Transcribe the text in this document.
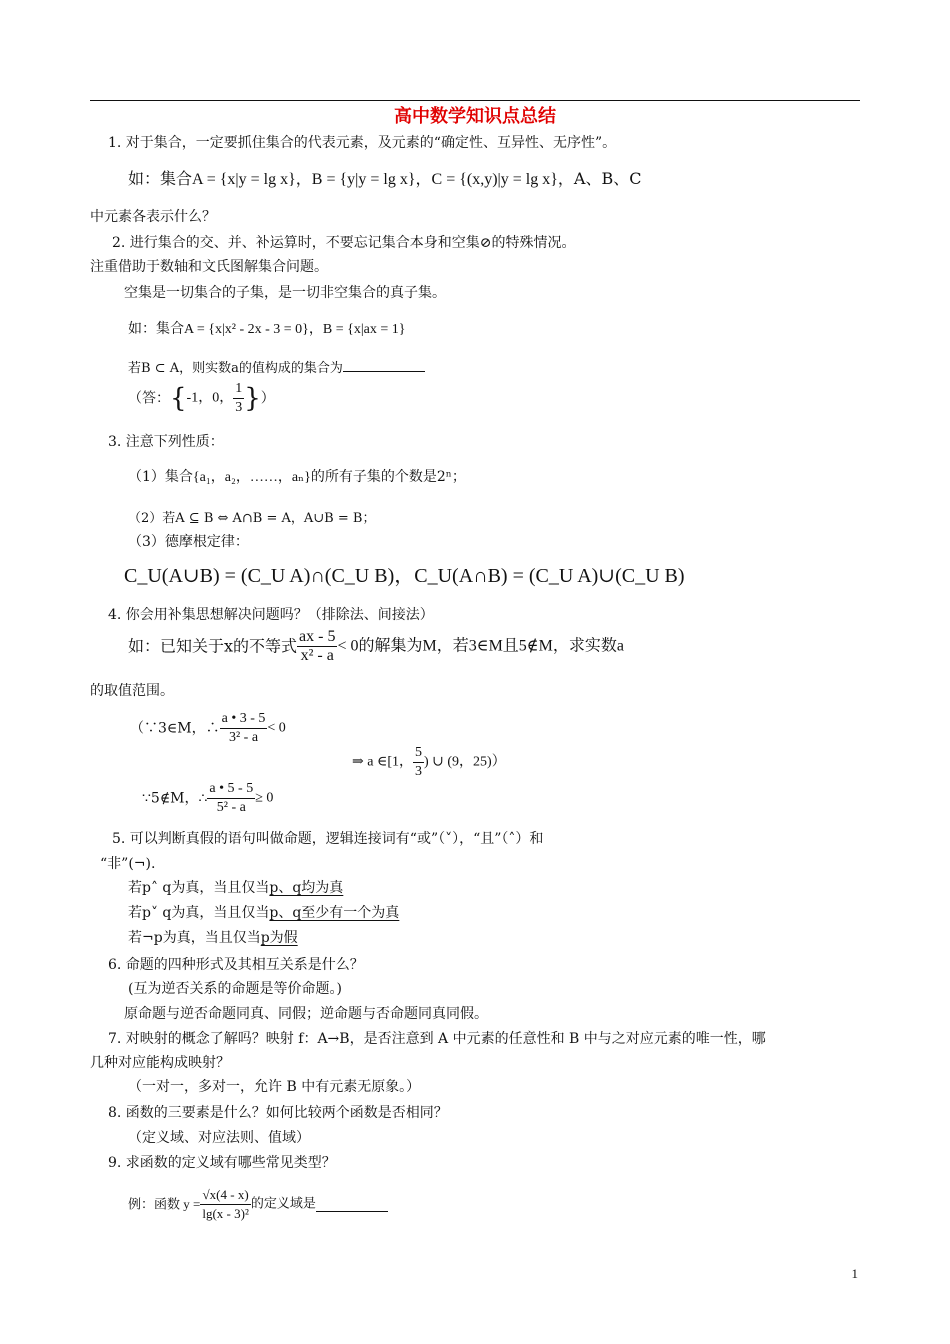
高中数学知识点总结
1. 对于集合，一定要抓住集合的代表元素，及元素的“确定性、互异性、无序性”。
如：集合A = {x|y = lg x}，B = {y|y = lg x}，C = {(x,y)|y = lg x}，A、B、C
中元素各表示什么？
2. 进行集合的交、并、补运算时，不要忘记集合本身和空集⊘的特殊情况。
注重借助于数轴和文氏图解集合问题。
空集是一切集合的子集，是一切非空集合的真子集。
如：集合A = {x|x² - 2x - 3 = 0}，B = {x|ax = 1}
若B ⊂ A，则实数a的值构成的集合为
（答：{-1，0， $\frac{1}{3}$ }）
3. 注意下列性质：
（1）集合{a₁，a₂，……，aₙ}的所有子集的个数是2ⁿ；
（2）若A ⊆ B ⇔ A∩B = A，A∪B = B；
（3）德摩根定律：
C_U(A∪B) = (C_U A)∩(C_U B)，C_U(A∩B) = (C_U A)∪(C_U B)
4. 你会用补集思想解决问题吗？（排除法、间接法）
如：已知关于x的不等式 $\frac{ax - 5}{\text{x² - a}} < 0$的解集为M，若3∈M且5∉M，求实数a
的取值范围。
（∵3∈M，∴ $\frac{a • 3 - 5}{\text{3² - a}} < 0$
⇒ a ∈[1， $\frac{5}{3}$ ) ∪ (9，25)）
∵5∉M，∴ $\frac{a • 5 - 5}{\text{5² - a}} \ge 0$
5. 可以判断真假的语句叫做命题，逻辑连接词有“或”（˅），“且”（˄）和
“非”(¬).
若p˄ q为真，当且仅当p、q均为真
若p˅ q为真，当且仅当p、q至少有一个为真
若¬p为真，当且仅当p为假
6. 命题的四种形式及其相互关系是什么？
(互为逆否关系的命题是等价命题。)
原命题与逆否命题同真、同假；逆命题与否命题同真同假。
7. 对映射的概念了解吗？映射 f：A→B，是否注意到 A 中元素的任意性和 B 中与之对应元素的唯一性，哪
几种对应能构成映射？
（一对一，多对一，允许 B 中有元素无原象。）
8. 函数的三要素是什么？如何比较两个函数是否相同？
（定义域、对应法则、值域）
9. 求函数的定义域有哪些常见类型？
例：函数 $y = \frac{√x(4 - x)}{\text{lg(x - 3)²}}$ 的定义域是
1
